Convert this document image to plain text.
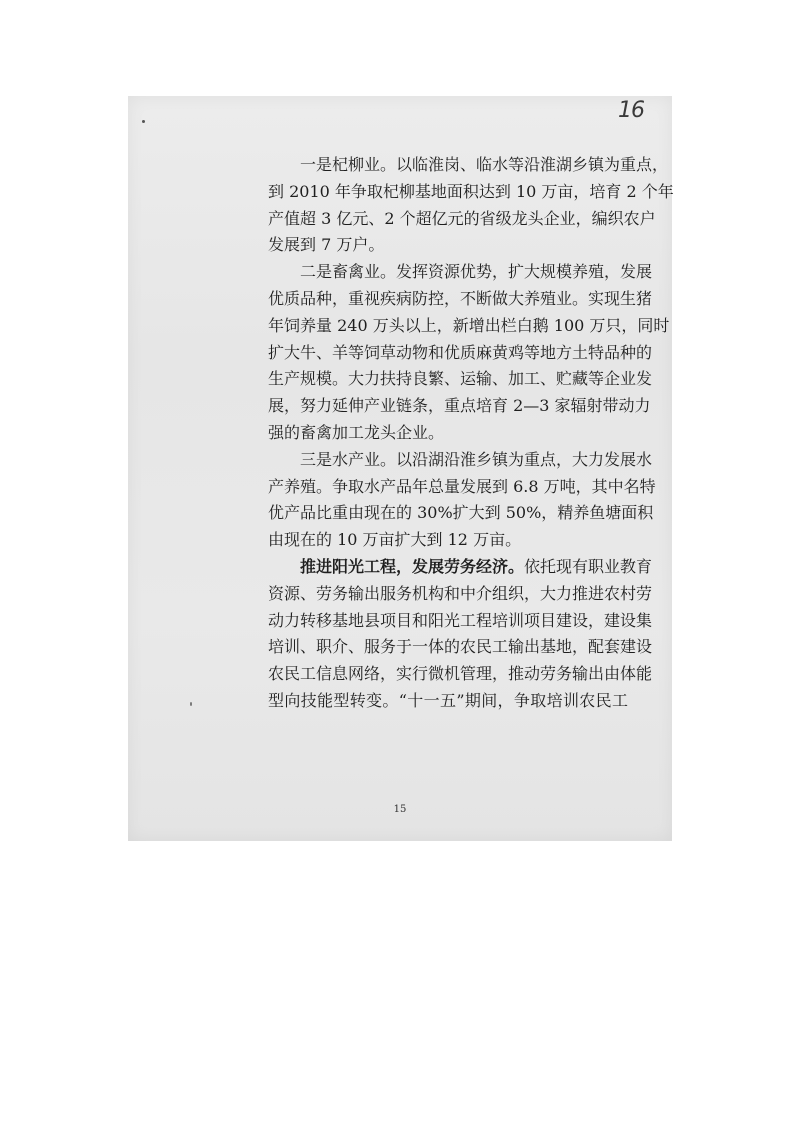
16

一是杞柳业。以临淮岗、临水等沿淮湖乡镇为重点，
到 2010 年争取杞柳基地面积达到 10 万亩，培育 2 个年
产值超 3 亿元、2 个超亿元的省级龙头企业，编织农户
发展到 7 万户。

二是畜禽业。发挥资源优势，扩大规模养殖，发展
优质品种，重视疾病防控，不断做大养殖业。实现生猪
年饲养量 240 万头以上，新增出栏白鹅 100 万只，同时
扩大牛、羊等饲草动物和优质麻黄鸡等地方土特品种的
生产规模。大力扶持良繁、运输、加工、贮藏等企业发
展，努力延伸产业链条，重点培育 2—3 家辐射带动力
强的畜禽加工龙头企业。

三是水产业。以沿湖沿淮乡镇为重点，大力发展水
产养殖。争取水产品年总量发展到 6.8 万吨，其中名特
优产品比重由现在的 30%扩大到 50%，精养鱼塘面积
由现在的 10 万亩扩大到 12 万亩。

推进阳光工程，发展劳务经济。依托现有职业教育
资源、劳务输出服务机构和中介组织，大力推进农村劳
动力转移基地县项目和阳光工程培训项目建设，建设集
培训、职介、服务于一体的农民工输出基地，配套建设
农民工信息网络，实行微机管理，推动劳务输出由体能
型向技能型转变。“十一五”期间，争取培训农民工

15
